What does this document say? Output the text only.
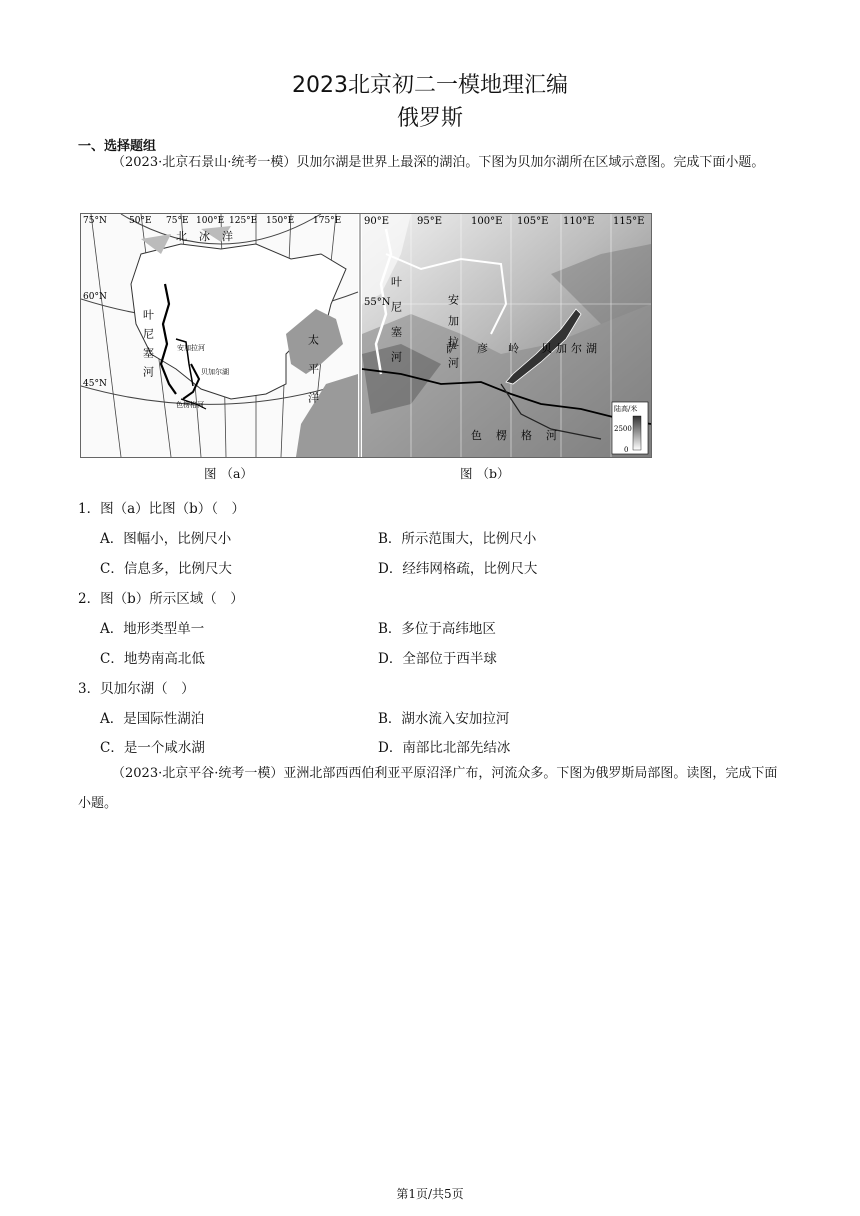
2023北京初二一模地理汇编
俄罗斯
一、选择题组
（2023·北京石景山·统考一模）贝加尔湖是世界上最深的湖泊。下图为贝加尔湖所在区域示意图。完成下面小题。
75°N 50°E 75°E 100°E 125°E 150°E 175°E
60°N
45°N
北冰洋
叶尼塞河	太平洋
安加拉河
贝加尔湖
色楞格河
90°E	95°E	100°E 105°E 110°E 115°E
55°N 叶尼塞河	安加拉河
萨彦岭 贝加尔湖
色楞格河
陆高/米
2500
0
图 （a）	图 （b）
1．图（a）比图（b）（　）
A．图幅小，比例尺小	B．所示范围大，比例尺小
C．信息多，比例尺大	D．经纬网格疏，比例尺大
2．图（b）所示区域（　）
A．地形类型单一	B．多位于高纬地区
C．地势南高北低	D．全部位于西半球
3．贝加尔湖（　）
A．是国际性湖泊	B．湖水流入安加拉河
C．是一个咸水湖	D．南部比北部先结冰
（2023·北京平谷·统考一模）亚洲北部西西伯利亚平原沼泽广布，河流众多。下图为俄罗斯局部图。读图，完成下面小题。
第1页/共5页
